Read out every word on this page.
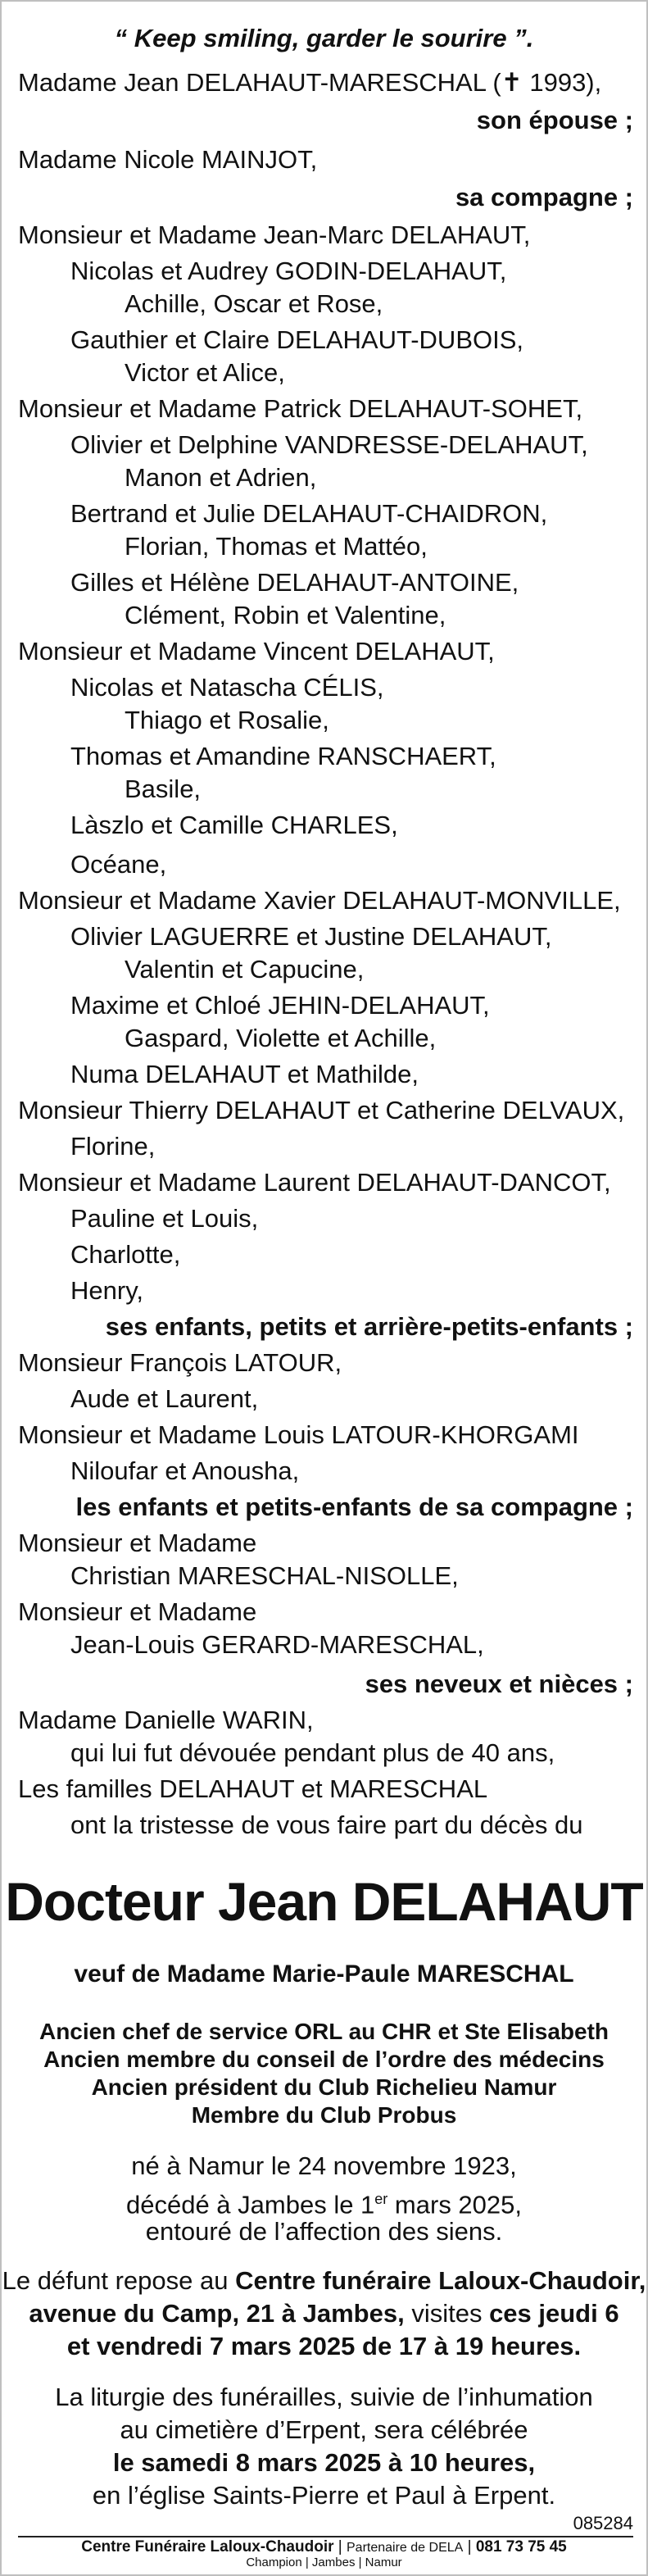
“ Keep smiling, garder le sourire ”.
Madame Jean DELAHAUT-MARESCHAL (✝ 1993),
son épouse ;
Madame Nicole MAINJOT,
sa compagne ;
Monsieur et Madame Jean-Marc DELAHAUT,
Nicolas et Audrey GODIN-DELAHAUT,
Achille, Oscar et Rose,
Gauthier et Claire DELAHAUT-DUBOIS,
Victor et Alice,
Monsieur et Madame Patrick DELAHAUT-SOHET,
Olivier et Delphine VANDRESSE-DELAHAUT,
Manon et Adrien,
Bertrand et Julie DELAHAUT-CHAIDRON,
Florian, Thomas et Mattéo,
Gilles et Hélène DELAHAUT-ANTOINE,
Clément, Robin et Valentine,
Monsieur et Madame Vincent DELAHAUT,
Nicolas et Natascha CÉLIS,
Thiago et Rosalie,
Thomas et Amandine RANSCHAERT,
Basile,
Làszlo et Camille CHARLES,
Océane,
Monsieur et Madame Xavier DELAHAUT-MONVILLE,
Olivier LAGUERRE et Justine DELAHAUT,
Valentin et Capucine,
Maxime et Chloé JEHIN-DELAHAUT,
Gaspard, Violette et Achille,
Numa DELAHAUT et Mathilde,
Monsieur Thierry DELAHAUT et Catherine DELVAUX,
Florine,
Monsieur et Madame Laurent DELAHAUT-DANCOT,
Pauline et Louis,
Charlotte,
Henry,
ses enfants, petits et arrière-petits-enfants ;
Monsieur François LATOUR,
Aude et Laurent,
Monsieur et Madame Louis LATOUR-KHORGAMI
Niloufar et Anousha,
les enfants et petits-enfants de sa compagne ;
Monsieur et Madame
Christian MARESCHAL-NISOLLE,
Monsieur et Madame
Jean-Louis GERARD-MARESCHAL,
ses neveux et nièces ;
Madame Danielle WARIN,
qui lui fut dévouée pendant plus de 40 ans,
Les familles DELAHAUT et MARESCHAL
ont la tristesse de vous faire part du décès du
Docteur Jean DELAHAUT
veuf de Madame Marie-Paule MARESCHAL
Ancien chef de service ORL au CHR et Ste Elisabeth
Ancien membre du conseil de l’ordre des médecins
Ancien président du Club Richelieu Namur
Membre du Club Probus
né à Namur le 24 novembre 1923,
décédé à Jambes le 1er mars 2025,
entouré de l’affection des siens.
Le défunt repose au Centre funéraire Laloux-Chaudoir,
avenue du Camp, 21 à Jambes, visites ces jeudi 6
et vendredi 7 mars 2025 de 17 à 19 heures.
La liturgie des funérailles, suivie de l’inhumation
au cimetière d’Erpent, sera célébrée
le samedi 8 mars 2025 à 10 heures,
en l’église Saints-Pierre et Paul à Erpent.
085284
Centre Funéraire Laloux-Chaudoir | Partenaire de DELA | 081 73 75 45
Champion | Jambes | Namur
